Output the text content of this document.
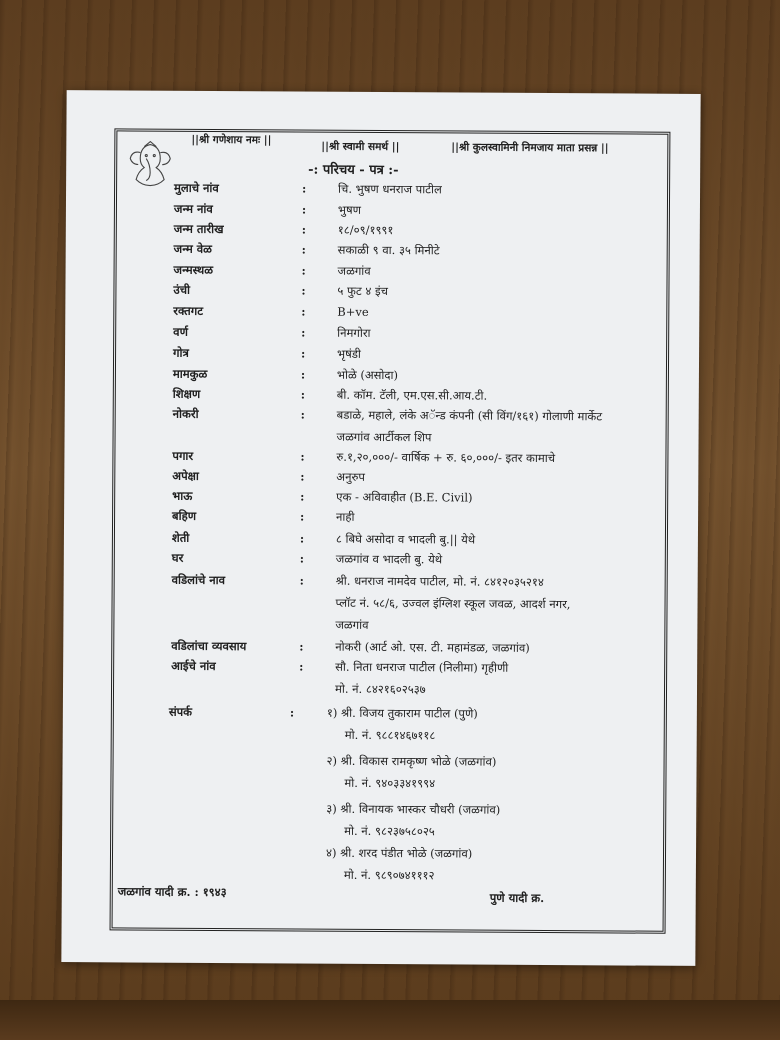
||श्री गणेशाय नमः ||
||श्री स्वामी समर्थ ||	||श्री कुलस्वामिनी निमजाय माता प्रसन्न ||
-: परिचय - पत्र :-
मुलाचे नांव	:	चि. भुषण धनराज पाटील
जन्म नांव	:	भुषण
जन्म तारीख	:	१८/०९/१९९१
जन्म वेळ	:	सकाळी ९ वा. ३५ मिनीटे
जन्मस्थळ	:	जळगांव
उंची	:	५ फुट ४ इंच
रक्तगट	:	B+ve
वर्ण	:	निमगोरा
गोत्र	:	भृषंडी
मामकुळ	:	भोळे (असोदा)
शिक्षण	:	बी. कॉम. टॅली, एम.एस.सी.आय.टी.
नोकरी	:	बडाळे, महाले, लंके अॅन्ड कंपनी (सी विंग/१६१) गोलाणी मार्केट
जळगांव आर्टीकल शिप
पगार	:	रु.१,२०,०००/- वार्षिक + रु. ६०,०००/- इतर कामाचे
अपेक्षा	:	अनुरुप
भाऊ	:	एक - अविवाहीत (B.E. Civil)
बहिण	:	नाही
शेती	:	८ बिघे असोदा व भादली बु.|| येथे
घर	:	जळगांव व भादली बु. येथे
वडिलांचे नाव	:	श्री. धनराज नामदेव पाटील, मो. नं. ८४१२०३५२१४
प्लॉट नं. ५८/६, उज्वल इंग्लिश स्कूल जवळ, आदर्श नगर,
जळगांव
वडिलांचा व्यवसाय	:	नोकरी (आर्ट ओ. एस. टी. महामंडळ, जळगांव)
आईचे नांव	:	सौ. निता धनराज पाटील (निलीमा) गृहीणी
मो. नं. ८४२१६०२५३७
संपर्क	:	१) श्री. विजय तुकाराम पाटील (पुणे)
मो. नं. ९८८१४६७११८
२) श्री. विकास रामकृष्ण भोळे (जळगांव)
मो. नं. ९४०३३४१९९४
३) श्री. विनायक भास्कर चौधरी (जळगांव)
मो. नं. ९८२३७५८०२५
४) श्री. शरद पंडीत भोळे (जळगांव)
मो. नं. ९८९०७४१११२
जळगांव यादी क्र. : १९४३	पुणे यादी क्र.
